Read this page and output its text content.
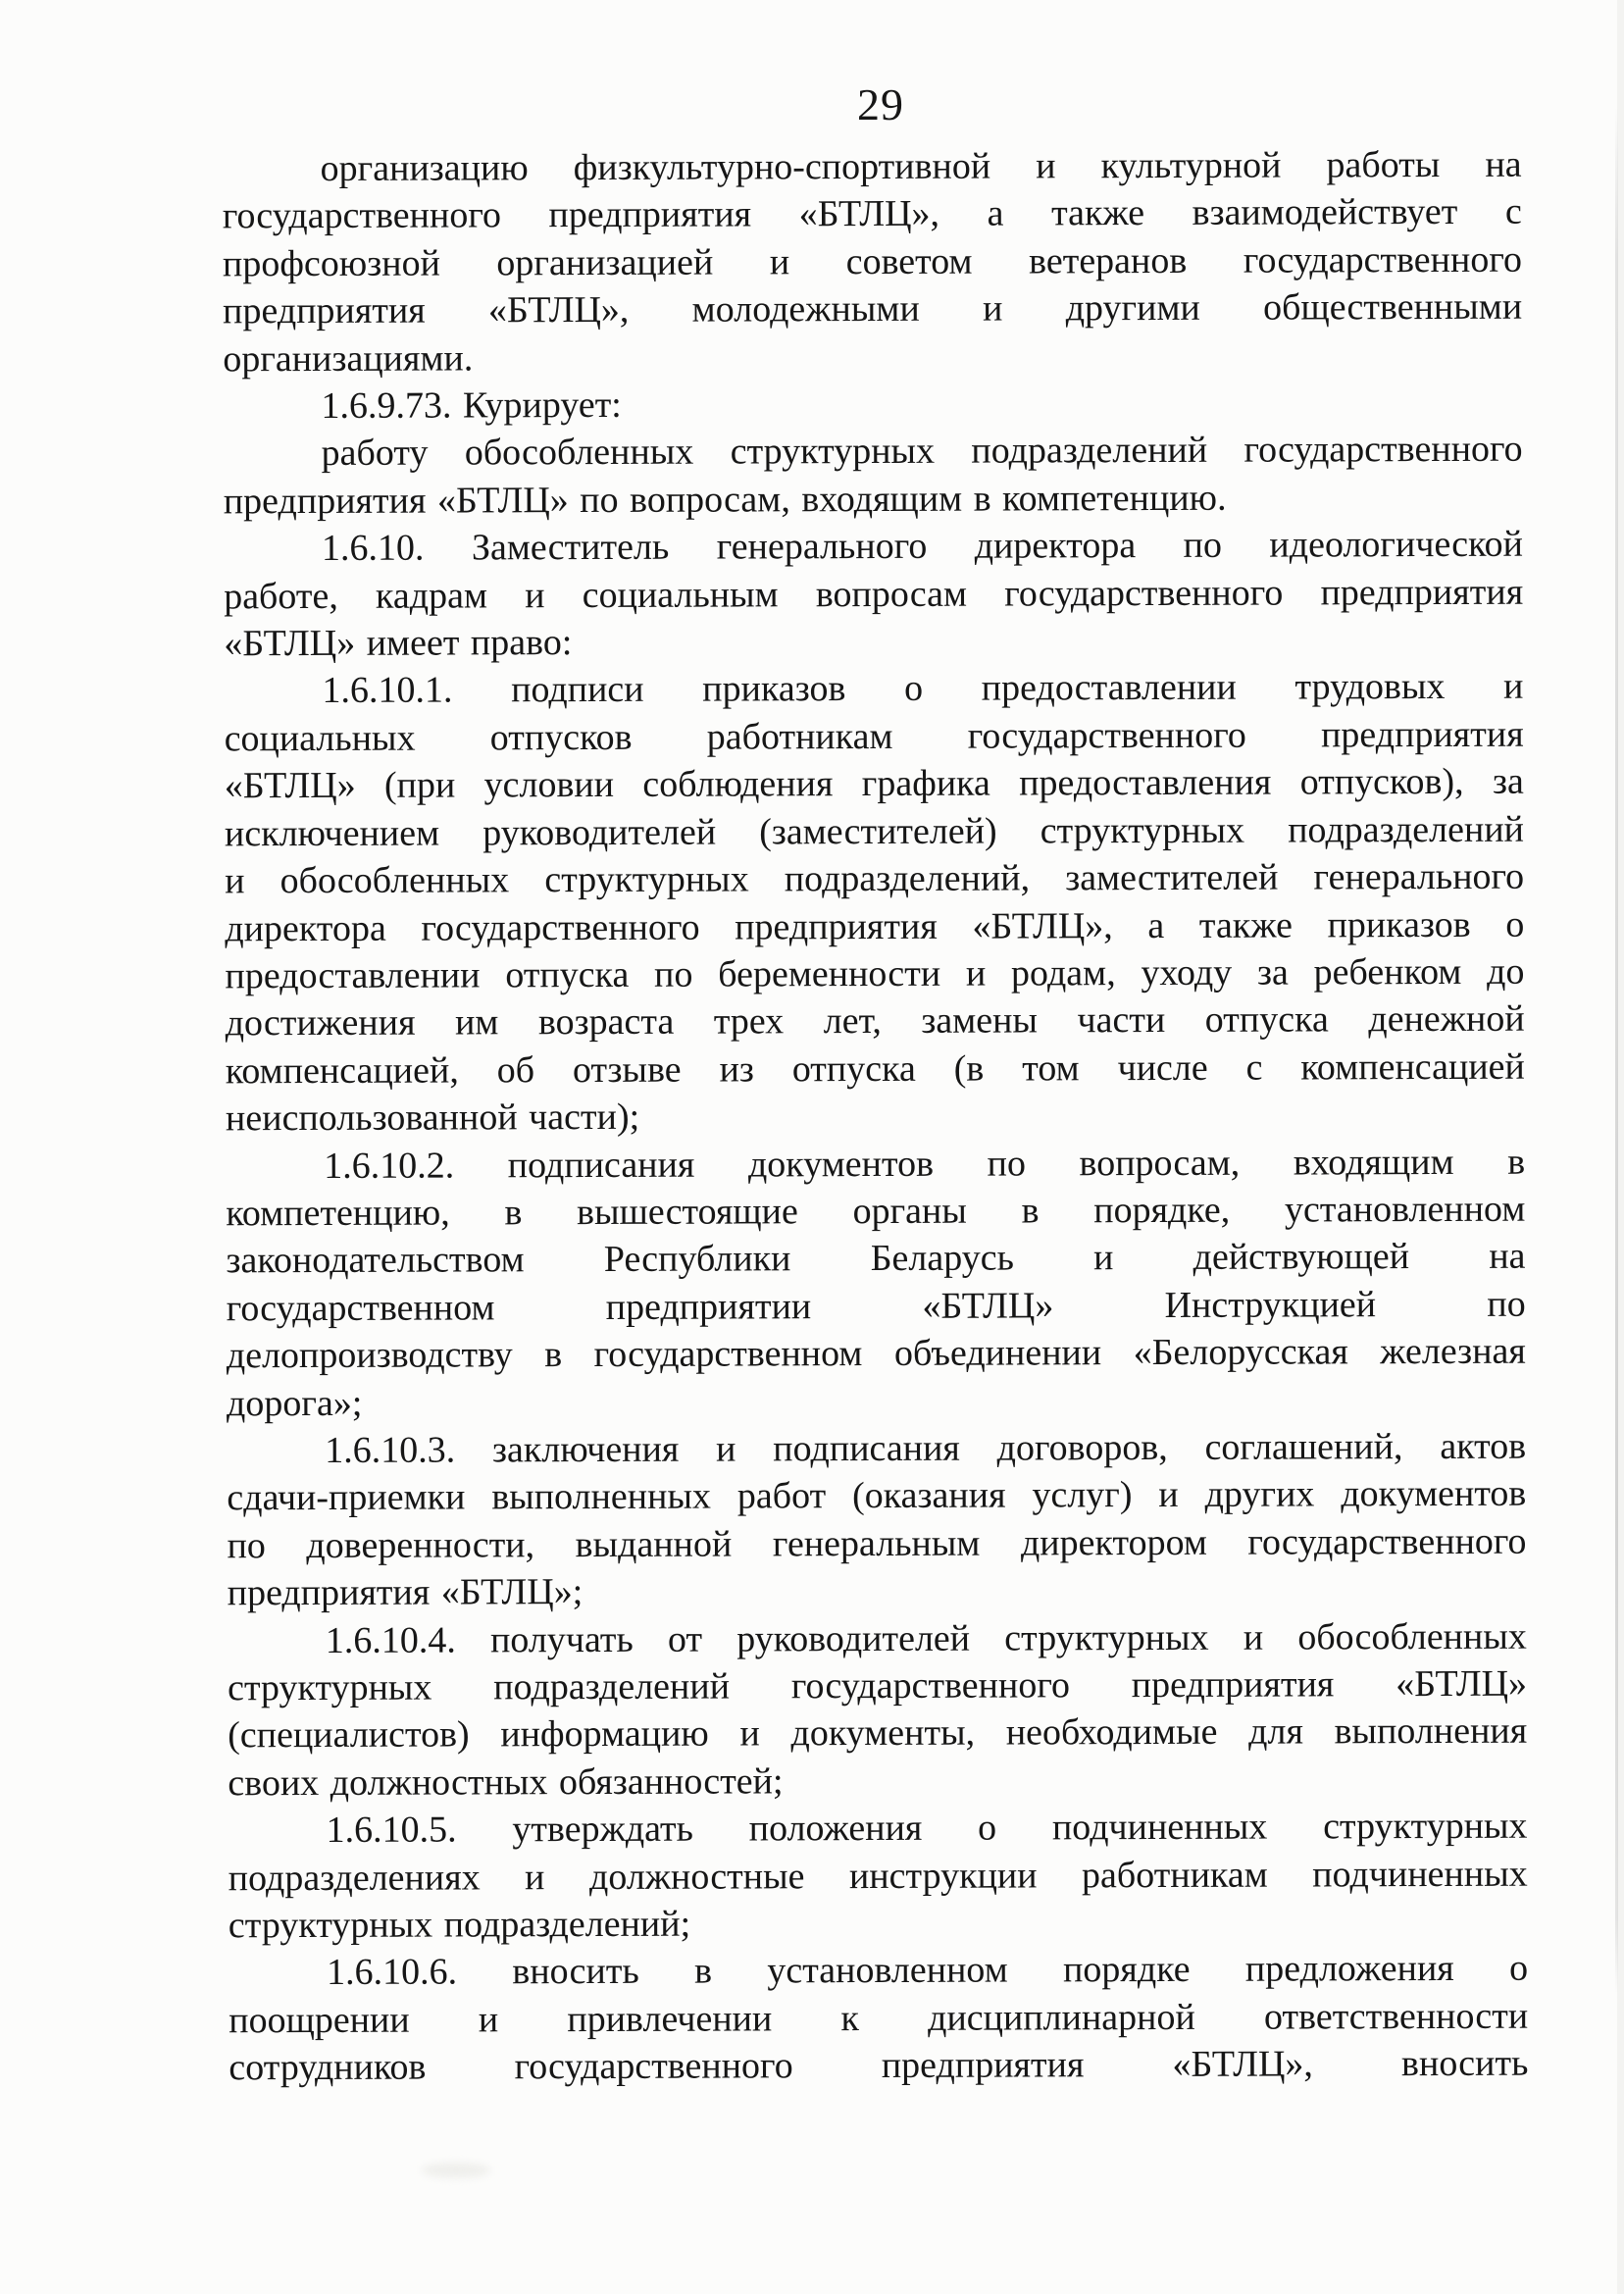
29
организацию физкультурно-спортивной и культурной работы на
государственного предприятия «БТЛЦ», а также взаимодействует с
профсоюзной организацией и советом ветеранов государственного
предприятия «БТЛЦ», молодежными и другими общественными
организациями.
1.6.9.73. Курирует:
работу обособленных структурных подразделений государственного
предприятия «БТЛЦ» по вопросам, входящим в компетенцию.
1.6.10. Заместитель генерального директора по идеологической
работе, кадрам и социальным вопросам государственного предприятия
«БТЛЦ» имеет право:
1.6.10.1. подписи приказов о предоставлении трудовых и
социальных отпусков работникам государственного предприятия
«БТЛЦ» (при условии соблюдения графика предоставления отпусков), за
исключением руководителей (заместителей) структурных подразделений
и обособленных структурных подразделений, заместителей генерального
директора государственного предприятия «БТЛЦ», а также приказов о
предоставлении отпуска по беременности и родам, уходу за ребенком до
достижения им возраста трех лет, замены части отпуска денежной
компенсацией, об отзыве из отпуска (в том числе с компенсацией
неиспользованной части);
1.6.10.2. подписания документов по вопросам, входящим в
компетенцию, в вышестоящие органы в порядке, установленном
законодательством Республики Беларусь и действующей на
государственном предприятии «БТЛЦ» Инструкцией по
делопроизводству в государственном объединении «Белорусская железная
дорога»;
1.6.10.3. заключения и подписания договоров, соглашений, актов
сдачи-приемки выполненных работ (оказания услуг) и других документов
по доверенности, выданной генеральным директором государственного
предприятия «БТЛЦ»;
1.6.10.4. получать от руководителей структурных и обособленных
структурных подразделений государственного предприятия «БТЛЦ»
(специалистов) информацию и документы, необходимые для выполнения
своих должностных обязанностей;
1.6.10.5. утверждать положения о подчиненных структурных
подразделениях и должностные инструкции работникам подчиненных
структурных подразделений;
1.6.10.6. вносить в установленном порядке предложения о
поощрении и привлечении к дисциплинарной ответственности
сотрудников государственного предприятия «БТЛЦ», вносить
